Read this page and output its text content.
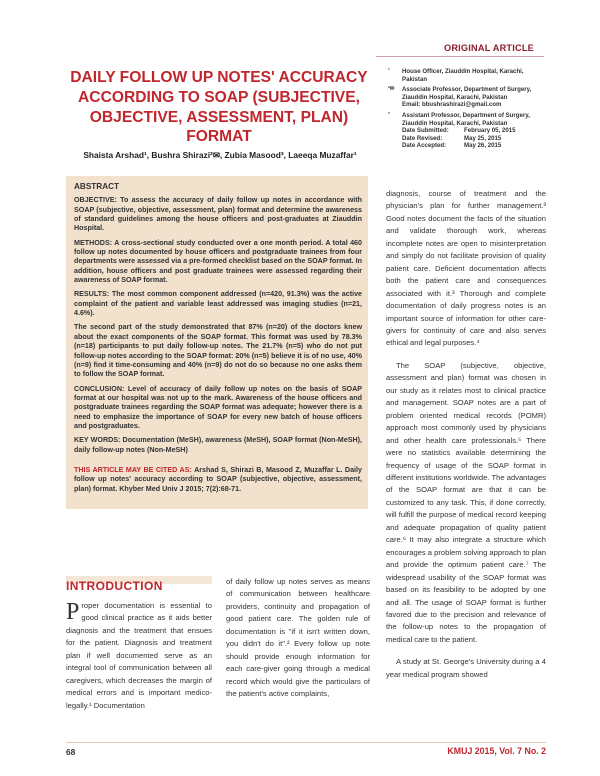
ORIGINAL ARTICLE
DAILY FOLLOW UP NOTES' ACCURACY ACCORDING TO SOAP (SUBJECTIVE, OBJECTIVE, ASSESSMENT, PLAN) FORMAT
Shaista Arshad¹, Bushra Shirazi²✉, Zubia Masood³, Laeeqa Muzaffar¹
¹ House Officer, Ziauddin Hospital, Karachi, Pakistan
²✉ Associate Professor, Department of Surgery, Ziauddin Hospital, Karachi, Pakistan
Email: bbushrashirazi@gmail.com
³ Assistant Professor, Department of Surgery, Ziauddin Hospital, Karachi, Pakistan
Date Submitted:	February 05, 2015
Date Revised:	May 25, 2015
Date Accepted:	May 26, 2015
ABSTRACT

OBJECTIVE: To assess the accuracy of daily follow up notes in accordance with SOAP (subjective, objective, assessment, plan) format and determine the awareness of standard guidelines among the house officers and post-graduates at Ziauddin Hospital.

METHODS: A cross-sectional study conducted over a one month period. A total 460 follow up notes documented by house officers and postgraduate trainees from four departments were assessed via a pre-formed checklist based on the SOAP format. In addition, house officers and post graduate trainees were assessed regarding their awareness of SOAP format.

RESULTS: The most common component addressed (n=420, 91.3%) was the active complaint of the patient and variable least addressed was imaging studies (n=21, 4.6%).

The second part of the study demonstrated that 87% (n=20) of the doctors knew about the exact components of the SOAP format. This format was used by 78.3% (n=18) participants to put daily follow-up notes. The 21.7% (n=5) who do not put follow-up notes according to the SOAP format: 20% (n=5) believe it is of no use, 40% (n=9) find it time-consuming and 40% (n=9) do not do so because no one asks them to follow the SOAP format.

CONCLUSION: Level of accuracy of daily follow up notes on the basis of SOAP format at our hospital was not up to the mark. Awareness of the house officers and postgraduate trainees regarding the SOAP format was adequate; however there is a need to emphasize the importance of SOAP for every new batch of house officers and postgraduates.

KEY WORDS: Documentation (MeSH), awareness (MeSH), SOAP format (Non-MeSH), daily follow-up notes (Non-MeSH)

THIS ARTICLE MAY BE CITED AS: Arshad S, Shirazi B, Masood Z, Muzaffar L. Daily follow up notes' accuracy according to SOAP (subjective, objective, assessment, plan) format. Khyber Med Univ J 2015; 7(2):68-71.

INTRODUCTION

Proper documentation is essential to good clinical practice as it aids better diagnosis and the treatment that ensues for the patient. Diagnosis and treatment plan if well documented serve as an integral tool of communication between all caregivers, which decreases the margin of medical errors and is important medico-legally.¹ Documentation

of daily follow up notes serves as means of communication between healthcare providers, continuity and propagation of good patient care. The golden rule of documentation is "if it isn't written down, you didn't do it".² Every follow up note should provide enough information for each care-giver going through a medical record which would give the particulars of the patient's active complaints,

diagnosis, course of treatment and the physician's plan for further management.³ Good notes document the facts of the situation and validate thorough work, whereas incomplete notes are open to misinterpretation and simply do not facilitate provision of quality patient care. Deficient documentation affects both the patient care and consequences associated with it.³ Thorough and complete documentation of daily progress notes is an important source of information for other care-givers for continuity of care and also serves ethical and legal purposes.⁴

The SOAP (subjective, objective, assessment and plan) format was chosen in our study as it relates most to clinical practice and management. SOAP notes are a part of problem oriented medical records (POMR) approach most commonly used by physicians and other health care professionals.⁵ There were no statistics available determining the frequency of usage of the SOAP format in different institutions worldwide. The advantages of the SOAP format are that it can be customized to any task. This, if done correctly, will fulfill the purpose of medical record keeping and adequate propagation of quality patient care.⁶ It may also integrate a structure which encourages a problem solving approach to plan and provide the optimum patient care.⁷ The widespread usability of the SOAP format was based on its feasibility to be adopted by one and all. The usage of SOAP format is further favored due to the precision and relevance of the follow-up notes to the propagation of medical care to the patient.

A study at St. George's University during a 4 year medical program showed

68	KMUJ 2015, Vol. 7 No. 2
